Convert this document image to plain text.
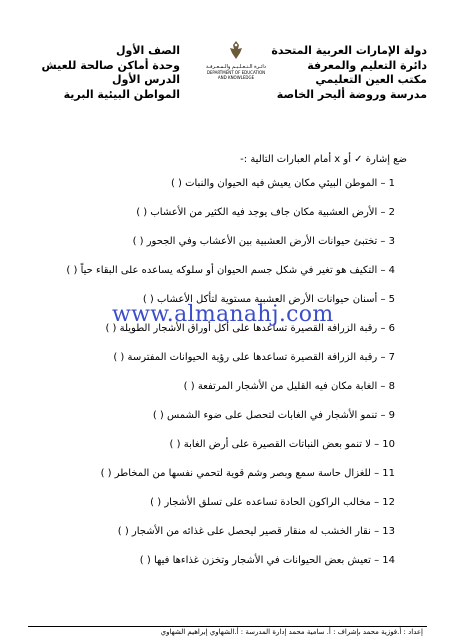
دولة الإمارات العربية المتحدة
دائرة التعليم والمعرفة
مكتب العين التعليمي
مدرسة وروضة أليحر الخاصة
دائـرة الـتـعـلـيـم والـمـعـرفـة
DEPARTMENT OF EDUCATION
AND KNOWLEDGE
الصف الأول
وحدة أماكن صالحة للعيش
الدرس الأول
المواطن البيئية البرية
ضع إشارة ✓ أو x أمام العبارات التالية :-
1 – الموطن البيئي مكان يعيش فيه الحيوان والنبات ( )
2 – الأرض العشبية مكان جاف يوجد فيه الكثير من الأعشاب ( )
3 – تختبئ حيوانات الأرض العشبية بين الأعشاب وفي الجحور ( )
4 – التكيف هو تغير في شكل جسم الحيوان أو سلوكه يساعده على البقاء حياً ( )
5 – أسنان حيوانات الأرض العشبية مستوية لتأكل الأعشاب ( )
6 – رقبة الزرافة القصيرة تساعدها على أكل أوراق الأشجار الطويلة ( )
7 – رقبة الزرافة القصيرة تساعدها على رؤية الحيوانات المفترسة ( )
8 – الغابة مكان فيه القليل من الأشجار المرتفعة ( )
9 – تنمو الأشجار في الغابات لتحصل على ضوء الشمس ( )
10 – لا تنمو بعض النباتات القصيرة على أرض الغابة ( )
11 – للغزال حاسة سمع وبصر وشم قوية لتحمي نفسها من المخاطر ( )
12 – مخالب الراكون الحادة تساعده على تسلق الأشجار ( )
13 – نقار الخشب له منقار قصير ليحصل على غذائه من الأشجار ( )
14 – تعيش بعض الحيوانات في الأشجار وتخزن غذاءها فيها ( )
www.almanahj.com
إعداد : أ.فوزية محمد بإشراف : أ. سامية محمد إدارة المدرسة : أ.الشهاوي إبراهيم الشهاوي
